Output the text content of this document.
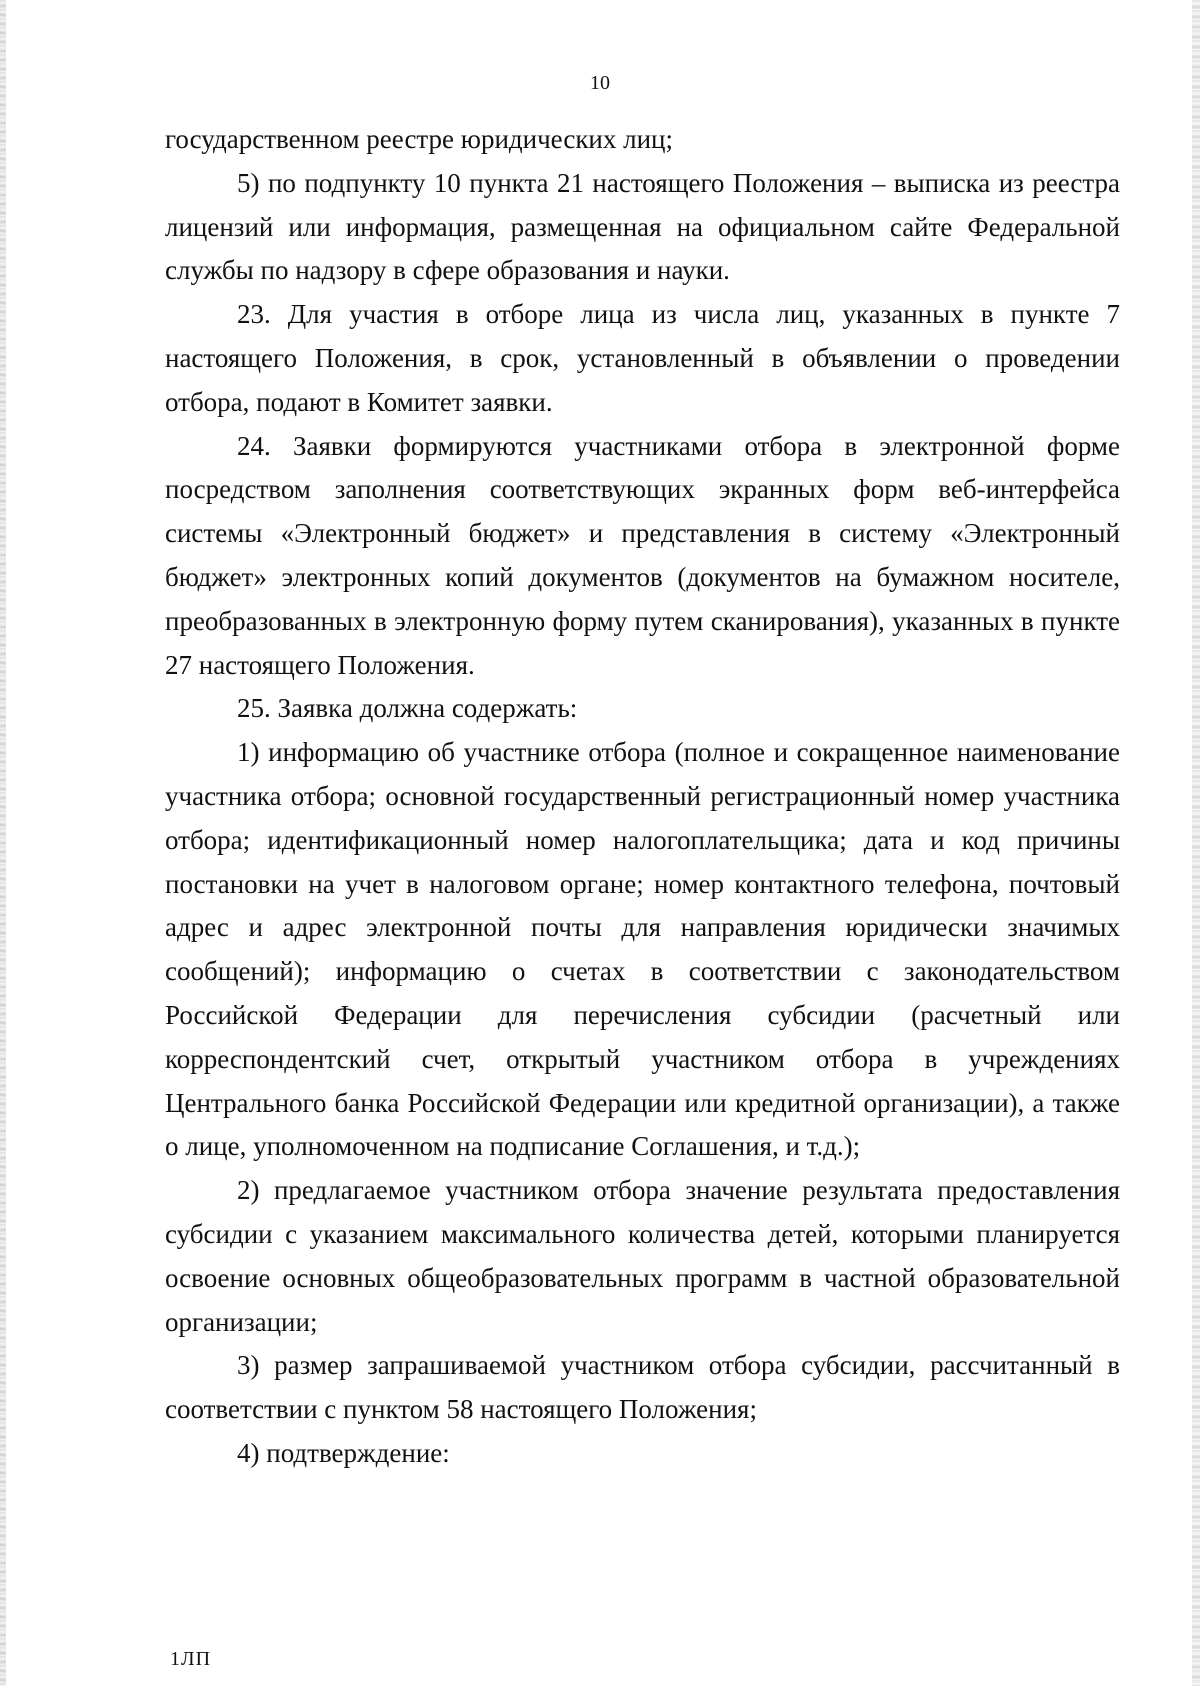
10

государственном реестре юридических лиц;

5) по подпункту 10 пункта 21 настоящего Положения – выписка из реестра лицензий или информация, размещенная на официальном сайте Федеральной службы по надзору в сфере образования и науки.

23. Для участия в отборе лица из числа лиц, указанных в пункте 7 настоящего Положения, в срок, установленный в объявлении о проведении отбора, подают в Комитет заявки.

24. Заявки формируются участниками отбора в электронной форме посредством заполнения соответствующих экранных форм веб-интерфейса системы «Электронный бюджет» и представления в систему «Электронный бюджет» электронных копий документов (документов на бумажном носителе, преобразованных в электронную форму путем сканирования), указанных в пункте 27 настоящего Положения.

25. Заявка должна содержать:

1) информацию об участнике отбора (полное и сокращенное наименование участника отбора; основной государственный регистрационный номер участника отбора; идентификационный номер налогоплательщика; дата и код причины постановки на учет в налоговом органе; номер контактного телефона, почтовый адрес и адрес электронной почты для направления юридически значимых сообщений); информацию о счетах в соответствии с законодательством Российской Федерации для перечисления субсидии (расчетный или корреспондентский счет, открытый участником отбора в учреждениях Центрального банка Российской Федерации или кредитной организации), а также о лице, уполномоченном на подписание Соглашения, и т.д.);

2) предлагаемое участником отбора значение результата предоставления субсидии с указанием максимального количества детей, которыми планируется освоение основных общеобразовательных программ в частной образовательной организации;

3) размер запрашиваемой участником отбора субсидии, рассчитанный в соответствии с пунктом 58 настоящего Положения;

4) подтверждение:

1ЛП
